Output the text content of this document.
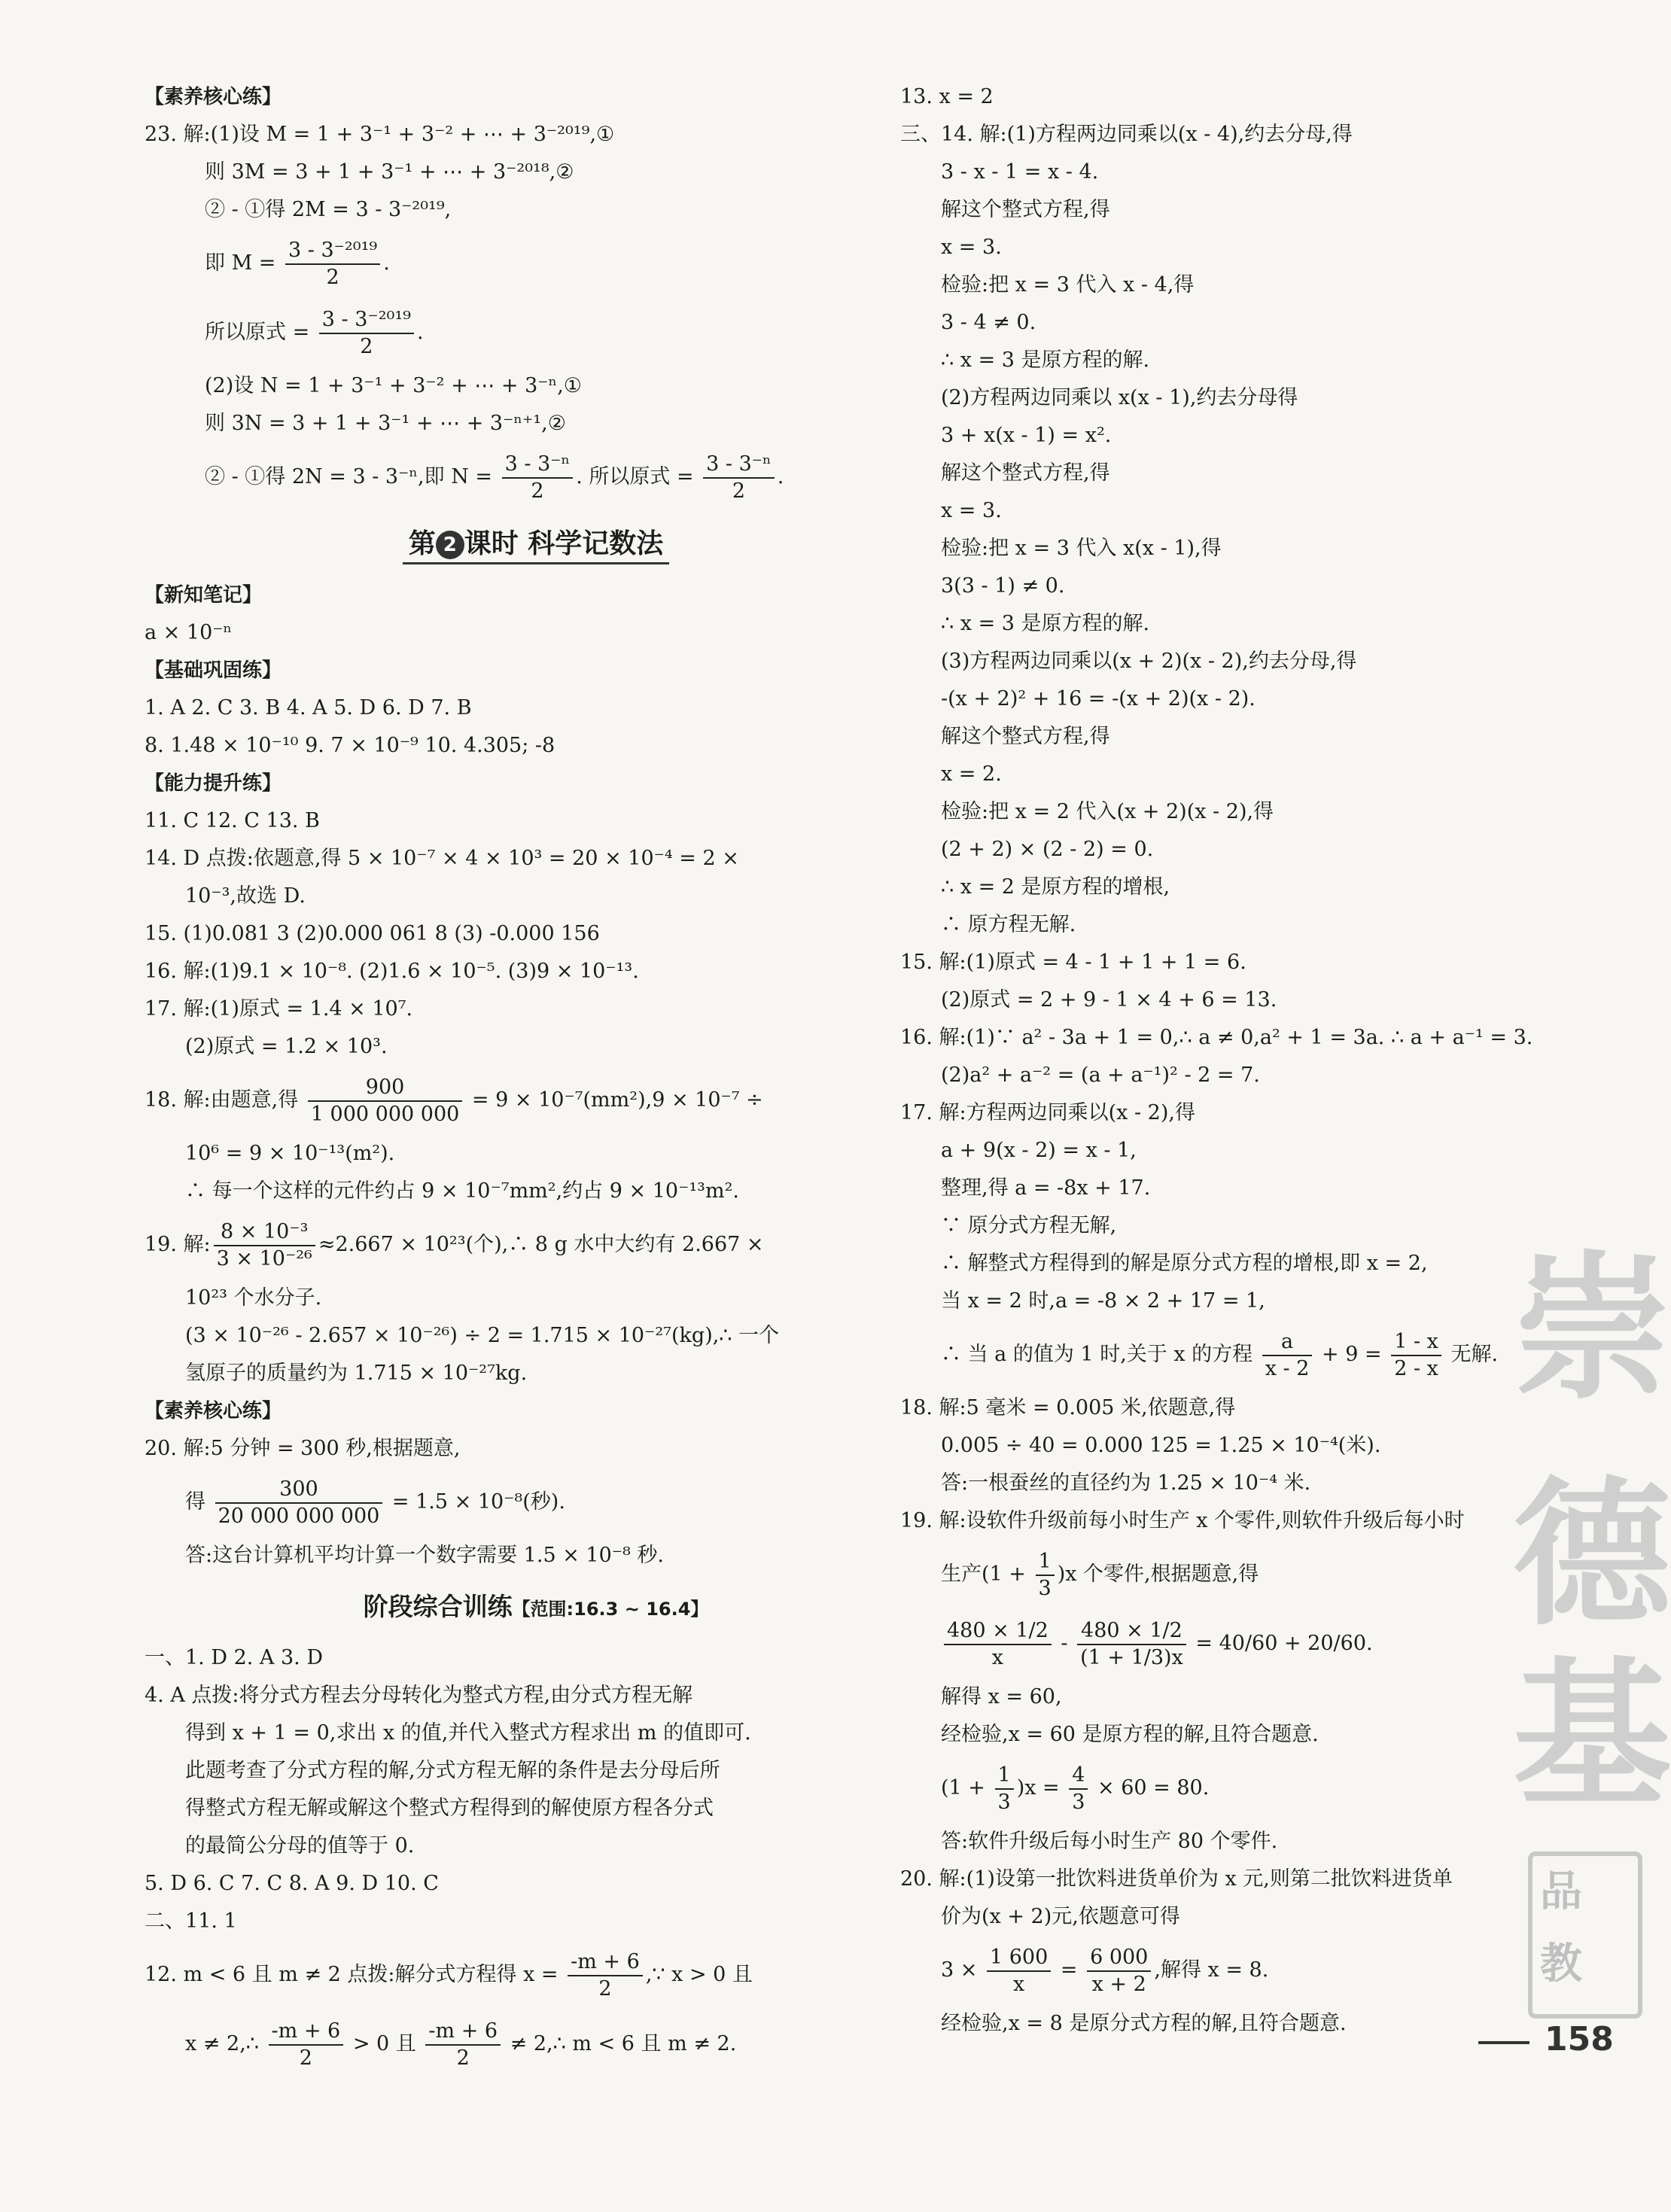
【素养核心练】
23. 解:(1)设 M = 1 + 3⁻¹ + 3⁻² + ⋯ + 3⁻²⁰¹⁹,①
则 3M = 3 + 1 + 3⁻¹ + ⋯ + 3⁻²⁰¹⁸,②
② - ①得 2M = 3 - 3⁻²⁰¹⁹,
即 $M = \frac{\text{3 - 3⁻²⁰¹⁹}}{2}$ .
所以原式 = $\frac{\text{3 - 3⁻²⁰¹⁹}}{2}$ .
(2)设 N = 1 + 3⁻¹ + 3⁻² + ⋯ + 3⁻ⁿ,①
则 3N = 3 + 1 + 3⁻¹ + ⋯ + 3⁻ⁿ⁺¹,②
② - ①得 2N = 3 - 3⁻ⁿ,即 $N = \frac{\text{3 - 3⁻ⁿ}}{2}$ . 所以原式 = $\frac{\text{3 - 3⁻ⁿ}}{2}$ .
第 2 课时 科学记数法
【新知笔记】
a × 10⁻ⁿ
【基础巩固练】
1. A 2. C 3. B 4. A 5. D 6. D 7. B
8. 1.48 × 10⁻¹⁰ 9. 7 × 10⁻⁹ 10. 4.305; -8
【能力提升练】
11. C 12. C 13. B
14. D 点拨:依题意,得 5 × 10⁻⁷ × 4 × 10³ = 20 × 10⁻⁴ = 2 ×
10⁻³,故选 D.
15. (1)0.081 3 (2)0.000 061 8 (3) -0.000 156
16. 解:(1)9.1 × 10⁻⁸. (2)1.6 × 10⁻⁵. (3)9 × 10⁻¹³.
17. 解:(1)原式 = 1.4 × 10⁷.
(2)原式 = 1.2 × 10³.
18. 解:由题意,得 $\frac{900}{1 000 000 000} = 9 \times 10^{-7}(mm^2),9 \times 10^{-7}$ ÷
10⁶ = 9 × 10⁻¹³(m²).
∴ 每一个这样的元件约占 9 × 10⁻⁷mm²,约占 9 × 10⁻¹³m².
19. 解: $\frac{\text{8 × 10⁻³}}{\text{3 × 10⁻²⁶}} \approx 2.667 \times 10^{23}$(个),∴ 8 g 水中大约有 2.667 ×
10²³ 个水分子.
(3 × 10⁻²⁶ - 2.657 × 10⁻²⁶) ÷ 2 = 1.715 × 10⁻²⁷(kg),∴ 一个
氢原子的质量约为 1.715 × 10⁻²⁷kg.
【素养核心练】
20. 解:5 分钟 = 300 秒,根据题意,
得 $\frac{300}{20 000 000 000} = 1.5 \times 10^{-8}$(秒).
答:这台计算机平均计算一个数字需要 1.5 × 10⁻⁸ 秒.
阶段综合训练【范围:16.3 ~ 16.4】
一、1. D 2. A 3. D
4. A 点拨:将分式方程去分母转化为整式方程,由分式方程无解
得到 x + 1 = 0,求出 x 的值,并代入整式方程求出 m 的值即可.
此题考查了分式方程的解,分式方程无解的条件是去分母后所
得整式方程无解或解这个整式方程得到的解使原方程各分式
的最简公分母的值等于 0.
5. D 6. C 7. C 8. A 9. D 10. C
二、11. 1
12. m < 6 且 m ≠ 2 点拨:解分式方程得 $x = \frac{-m + 6}{2}$ ,∵ x > 0 且
x ≠ 2,∴ $\frac{-m + 6}{2} > 0$ 且 $\frac{-m + 6}{2}$ ≠ 2,∴ m < 6 且 m ≠ 2.
13. x = 2
三、14. 解:(1)方程两边同乘以(x - 4),约去分母,得
3 - x - 1 = x - 4.
解这个整式方程,得
x = 3.
检验:把 x = 3 代入 x - 4,得
3 - 4 ≠ 0.
∴ x = 3 是原方程的解.
(2)方程两边同乘以 x(x - 1),约去分母得
3 + x(x - 1) = x².
解这个整式方程,得
x = 3.
检验:把 x = 3 代入 x(x - 1),得
3(3 - 1) ≠ 0.
∴ x = 3 是原方程的解.
(3)方程两边同乘以(x + 2)(x - 2),约去分母,得
-(x + 2)² + 16 = -(x + 2)(x - 2).
解这个整式方程,得
x = 2.
检验:把 x = 2 代入(x + 2)(x - 2),得
(2 + 2) × (2 - 2) = 0.
∴ x = 2 是原方程的增根,
∴ 原方程无解.
15. 解:(1)原式 = 4 - 1 + 1 + 1 = 6.
(2)原式 = 2 + 9 - 1 × 4 + 6 = 13.
16. 解:(1)∵ a² - 3a + 1 = 0,∴ a ≠ 0,a² + 1 = 3a. ∴ a + a⁻¹ = 3.
(2)a² + a⁻² = (a + a⁻¹)² - 2 = 7.
17. 解:方程两边同乘以(x - 2),得
a + 9(x - 2) = x - 1,
整理,得 a = -8x + 17.
∵ 原分式方程无解,
∴ 解整式方程得到的解是原分式方程的增根,即 x = 2,
当 x = 2 时,a = -8 × 2 + 17 = 1,
∴ 当 a 的值为 1 时,关于 x 的方程 $\frac{a}{x - 2} + 9 = \frac{1 - x}{2 - x}$ 无解.
18. 解:5 毫米 = 0.005 米,依题意,得
0.005 ÷ 40 = 0.000 125 = 1.25 × 10⁻⁴(米).
答:一根蚕丝的直径约为 1.25 × 10⁻⁴ 米.
19. 解:设软件升级前每小时生产 x 个零件,则软件升级后每小时
生产$(1 + \frac{1}{3} )x$ 个零件,根据题意,得
$\frac{480 \times 1/2}{x} - \frac{480 \times 1/2}{(1 + 1/3)x} = 40/60 + 20/60$.
解得 x = 60,
经检验,x = 60 是原方程的解,且符合题意.
$(1 + \frac{1}{3} )x = \frac{4}{3} \times 60 = 80$.
答:软件升级后每小时生产 80 个零件.
20. 解:(1)设第一批饮料进货单价为 x 元,则第二批饮料进货单
价为(x + 2)元,依题意可得
$3 \times \frac{1 600}{x} = \frac{6 000}{x + 2}$ ,解得 x = 8.
经检验,x = 8 是原分式方程的解,且符合题意.
崇
德
基
品 教
158
